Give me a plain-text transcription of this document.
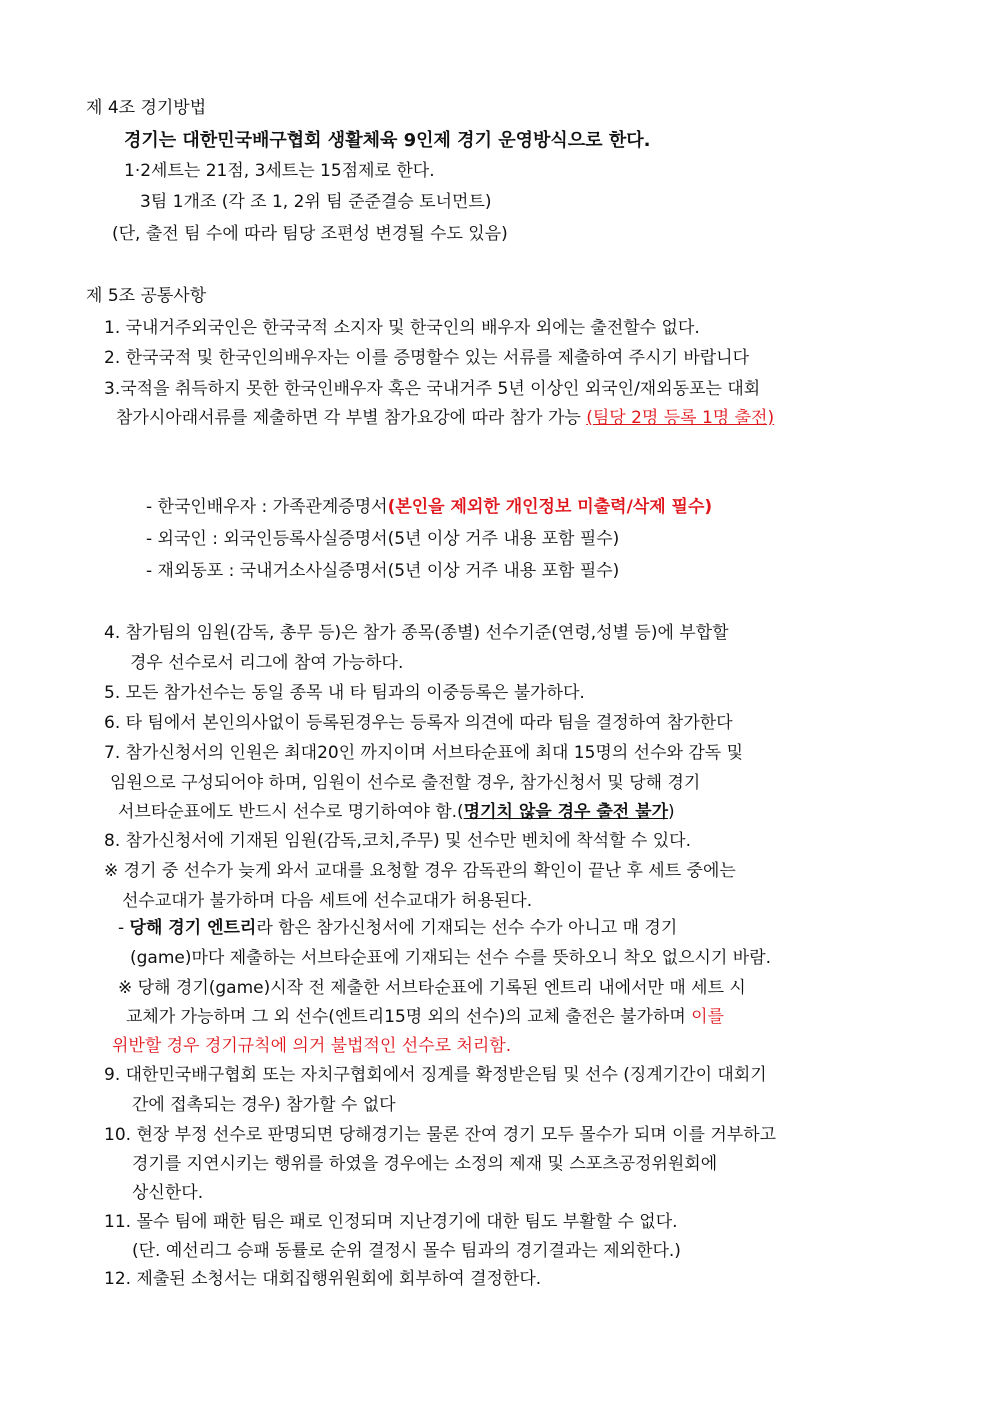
제 4조 경기방법
경기는 대한민국배구협회 생활체육 9인제 경기 운영방식으로 한다.
1·2세트는 21점, 3세트는 15점제로 한다.
3팀 1개조 (각 조 1, 2위 팀 준준결승 토너먼트)
(단, 출전 팀 수에 따라 팀당 조편성 변경될 수도 있음)
제 5조 공통사항
1. 국내거주외국인은 한국국적 소지자 및 한국인의 배우자 외에는 출전할수 없다.
2. 한국국적 및 한국인의배우자는 이를 증명할수 있는 서류를 제출하여 주시기 바랍니다
3.국적을 취득하지 못한 한국인배우자 혹은 국내거주 5년 이상인 외국인/재외동포는 대회
참가시아래서류를 제출하면 각 부별 참가요강에 따라 참가 가능 (팀당 2명 등록 1명 출전)
- 한국인배우자 : 가족관계증명서(본인을 제외한 개인정보 미출력/삭제 필수)
- 외국인 : 외국인등록사실증명서(5년 이상 거주 내용 포함 필수)
- 재외동포 : 국내거소사실증명서(5년 이상 거주 내용 포함 필수)
4. 참가팀의 임원(감독, 총무 등)은 참가 종목(종별) 선수기준(연령,성별 등)에 부합할
경우 선수로서 리그에 참여 가능하다.
5. 모든 참가선수는 동일 종목 내 타 팀과의 이중등록은 불가하다.
6. 타 팀에서 본인의사없이 등록된경우는 등록자 의견에 따라 팀을 결정하여 참가한다
7. 참가신청서의 인원은 최대20인 까지이며 서브타순표에 최대 15명의 선수와 감독 및
임원으로 구성되어야 하며, 임원이 선수로 출전할 경우, 참가신청서 및 당해 경기
서브타순표에도 반드시 선수로 명기하여야 함.(명기치 않을 경우 출전 불가)
8. 참가신청서에 기재된 임원(감독,코치,주무) 및 선수만 벤치에 착석할 수 있다.
※ 경기 중 선수가 늦게 와서 교대를 요청할 경우 감독관의 확인이 끝난 후 세트 중에는
선수교대가 불가하며 다음 세트에 선수교대가 허용된다.
- 당해 경기 엔트리라 함은 참가신청서에 기재되는 선수 수가 아니고 매 경기
(game)마다 제출하는 서브타순표에 기재되는 선수 수를 뜻하오니 착오 없으시기 바람.
※ 당해 경기(game)시작 전 제출한 서브타순표에 기록된 엔트리 내에서만 매 세트 시
교체가 가능하며 그 외 선수(엔트리15명 외의 선수)의 교체 출전은 불가하며 이를
위반할 경우 경기규칙에 의거 불법적인 선수로 처리함.
9. 대한민국배구협회 또는 자치구협회에서 징계를 확정받은팀 및 선수 (징계기간이 대회기
간에 접촉되는 경우) 참가할 수 없다
10. 현장 부정 선수로 판명되면 당해경기는 물론 잔여 경기 모두 몰수가 되며 이를 거부하고
경기를 지연시키는 행위를 하였을 경우에는 소정의 제재 및 스포츠공정위원회에
상신한다.
11. 몰수 팀에 패한 팀은 패로 인정되며 지난경기에 대한 팀도 부활할 수 없다.
(단. 예선리그 승패 동률로 순위 결정시 몰수 팀과의 경기결과는 제외한다.)
12. 제출된 소청서는 대회집행위원회에 회부하여 결정한다.
